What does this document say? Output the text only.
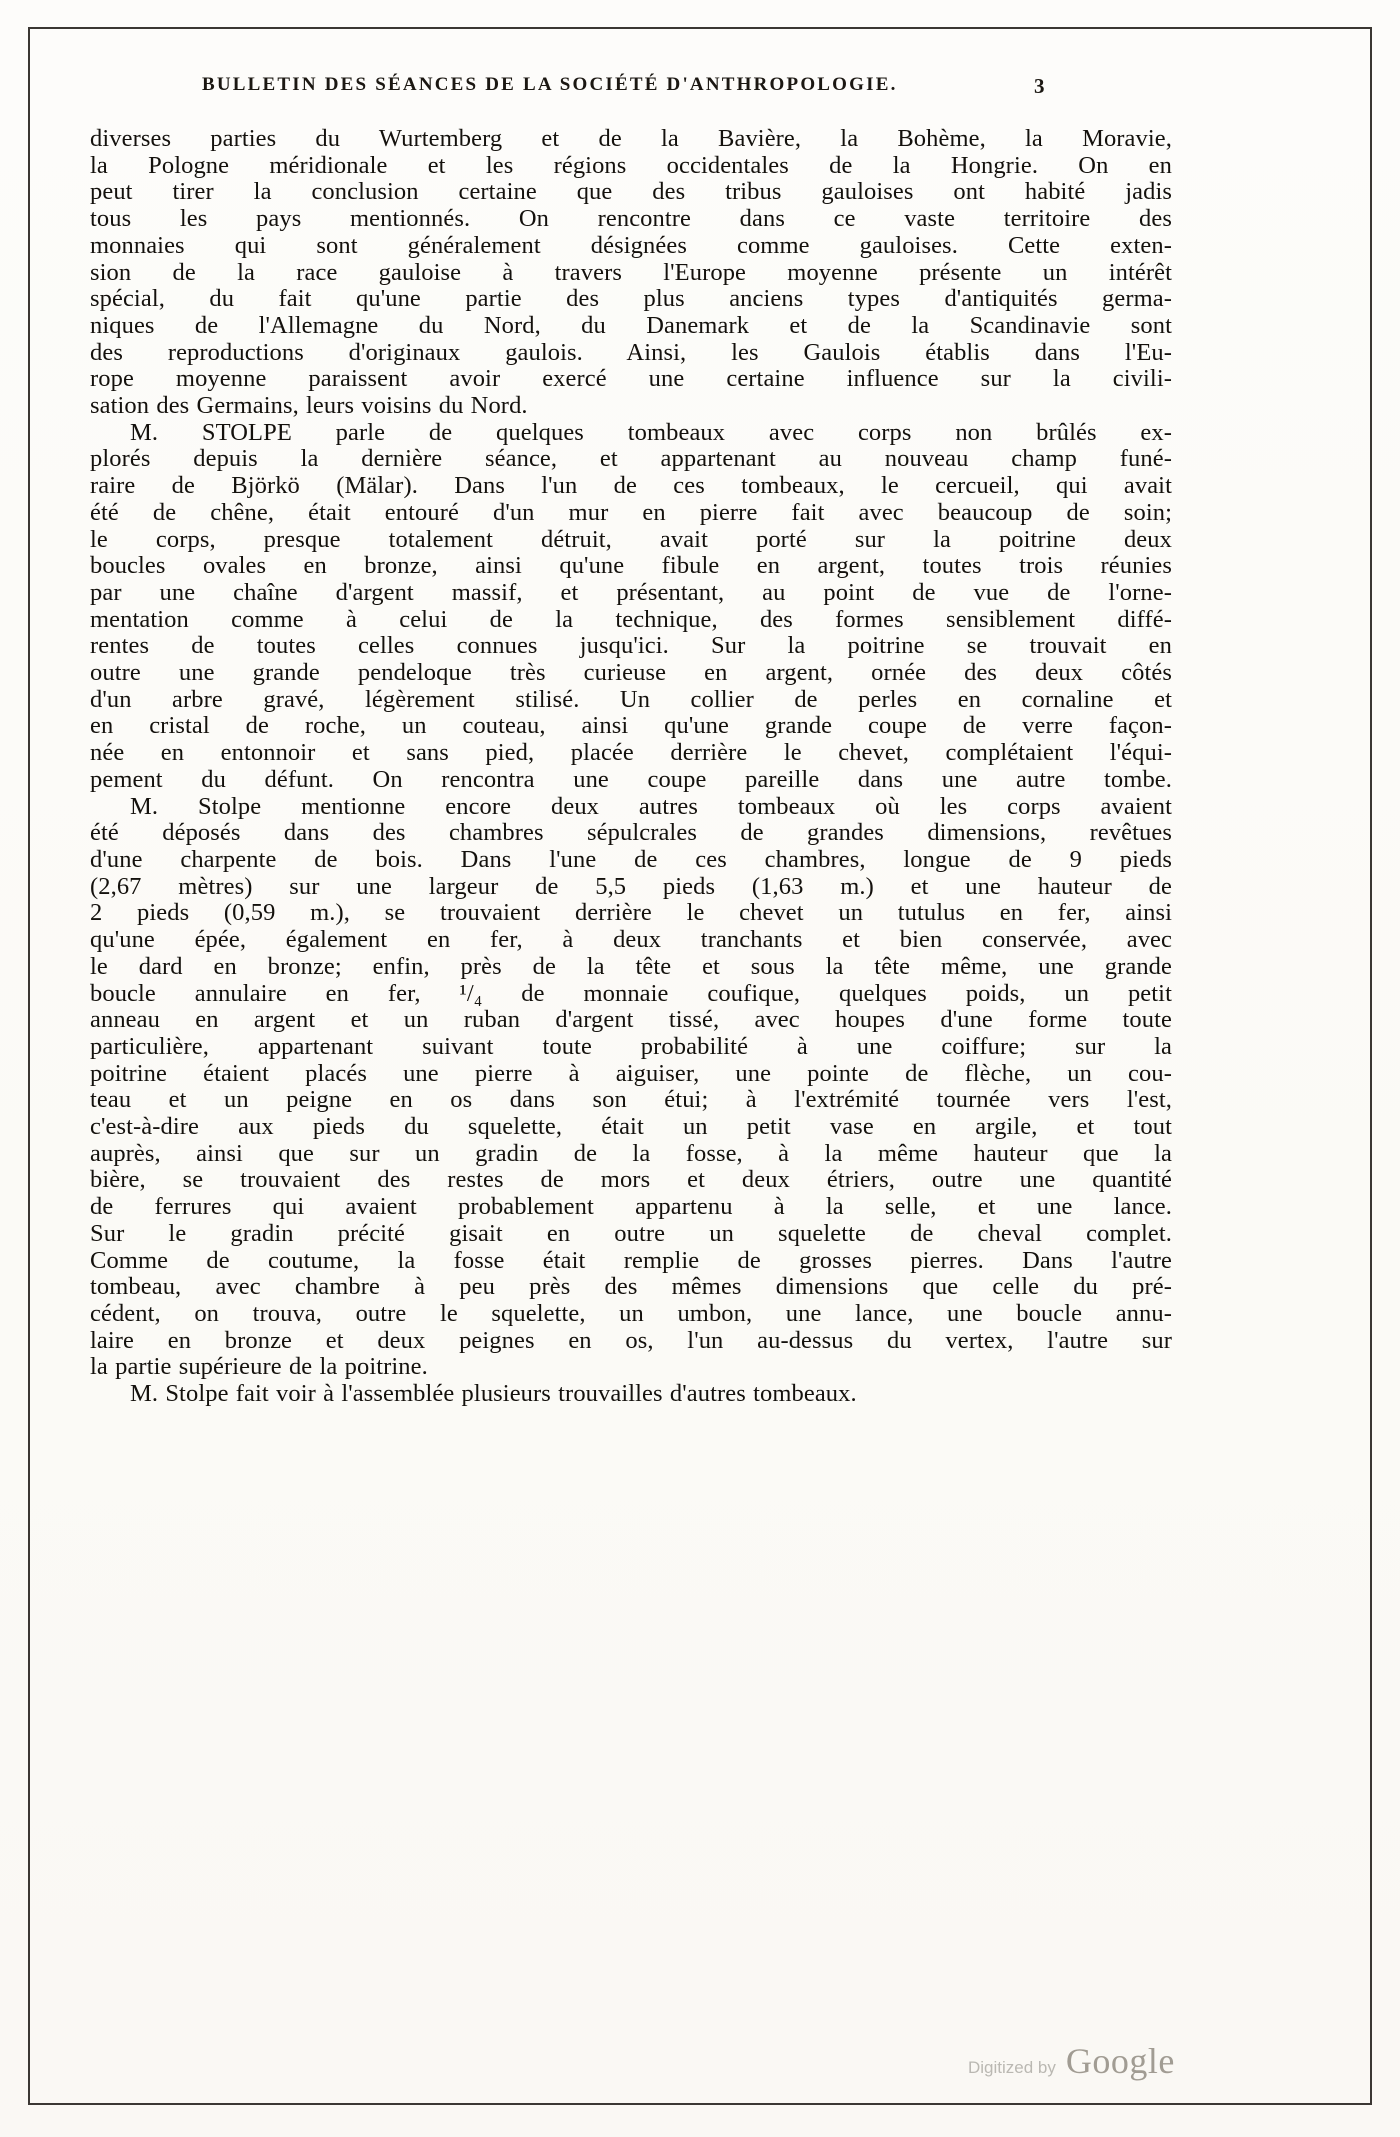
BULLETIN DES SÉANCES DE LA SOCIÉTÉ D'ANTHROPOLOGIE.	3
diverses parties du Wurtemberg et de la Bavière, la Bohème, la Moravie,
la Pologne méridionale et les régions occidentales de la Hongrie. On en
peut tirer la conclusion certaine que des tribus gauloises ont habité jadis
tous les pays mentionnés. On rencontre dans ce vaste territoire des
monnaies qui sont généralement désignées comme gauloises. Cette exten-
sion de la race gauloise à travers l'Europe moyenne présente un intérêt
spécial, du fait qu'une partie des plus anciens types d'antiquités germa-
niques de l'Allemagne du Nord, du Danemark et de la Scandinavie sont
des reproductions d'originaux gaulois. Ainsi, les Gaulois établis dans l'Eu-
rope moyenne paraissent avoir exercé une certaine influence sur la civili-
sation des Germains, leurs voisins du Nord.
M. STOLPE parle de quelques tombeaux avec corps non brûlés ex-
plorés depuis la dernière séance, et appartenant au nouveau champ funé-
raire de Björkö (Mälar). Dans l'un de ces tombeaux, le cercueil, qui avait
été de chêne, était entouré d'un mur en pierre fait avec beaucoup de soin;
le corps, presque totalement détruit, avait porté sur la poitrine deux
boucles ovales en bronze, ainsi qu'une fibule en argent, toutes trois réunies
par une chaîne d'argent massif, et présentant, au point de vue de l'orne-
mentation comme à celui de la technique, des formes sensiblement diffé-
rentes de toutes celles connues jusqu'ici. Sur la poitrine se trouvait en
outre une grande pendeloque très curieuse en argent, ornée des deux côtés
d'un arbre gravé, légèrement stilisé. Un collier de perles en cornaline et
en cristal de roche, un couteau, ainsi qu'une grande coupe de verre façon-
née en entonnoir et sans pied, placée derrière le chevet, complétaient l'équi-
pement du défunt. On rencontra une coupe pareille dans une autre tombe.
M. Stolpe mentionne encore deux autres tombeaux où les corps avaient
été déposés dans des chambres sépulcrales de grandes dimensions, revêtues
d'une charpente de bois. Dans l'une de ces chambres, longue de 9 pieds
(2,67 mètres) sur une largeur de 5,5 pieds (1,63 m.) et une hauteur de
2 pieds (0,59 m.), se trouvaient derrière le chevet un tutulus en fer, ainsi
qu'une épée, également en fer, à deux tranchants et bien conservée, avec
le dard en bronze; enfin, près de la tête et sous la tête même, une grande
boucle annulaire en fer, ¹/₄ de monnaie coufique, quelques poids, un petit
anneau en argent et un ruban d'argent tissé, avec houpes d'une forme toute
particulière, appartenant suivant toute probabilité à une coiffure; sur la
poitrine étaient placés une pierre à aiguiser, une pointe de flèche, un cou-
teau et un peigne en os dans son étui; à l'extrémité tournée vers l'est,
c'est-à-dire aux pieds du squelette, était un petit vase en argile, et tout
auprès, ainsi que sur un gradin de la fosse, à la même hauteur que la
bière, se trouvaient des restes de mors et deux étriers, outre une quantité
de ferrures qui avaient probablement appartenu à la selle, et une lance.
Sur le gradin précité gisait en outre un squelette de cheval complet.
Comme de coutume, la fosse était remplie de grosses pierres. Dans l'autre
tombeau, avec chambre à peu près des mêmes dimensions que celle du pré-
cédent, on trouva, outre le squelette, un umbon, une lance, une boucle annu-
laire en bronze et deux peignes en os, l'un au-dessus du vertex, l'autre sur
la partie supérieure de la poitrine.
M. Stolpe fait voir à l'assemblée plusieurs trouvailles d'autres tombeaux.
Digitized by Google
